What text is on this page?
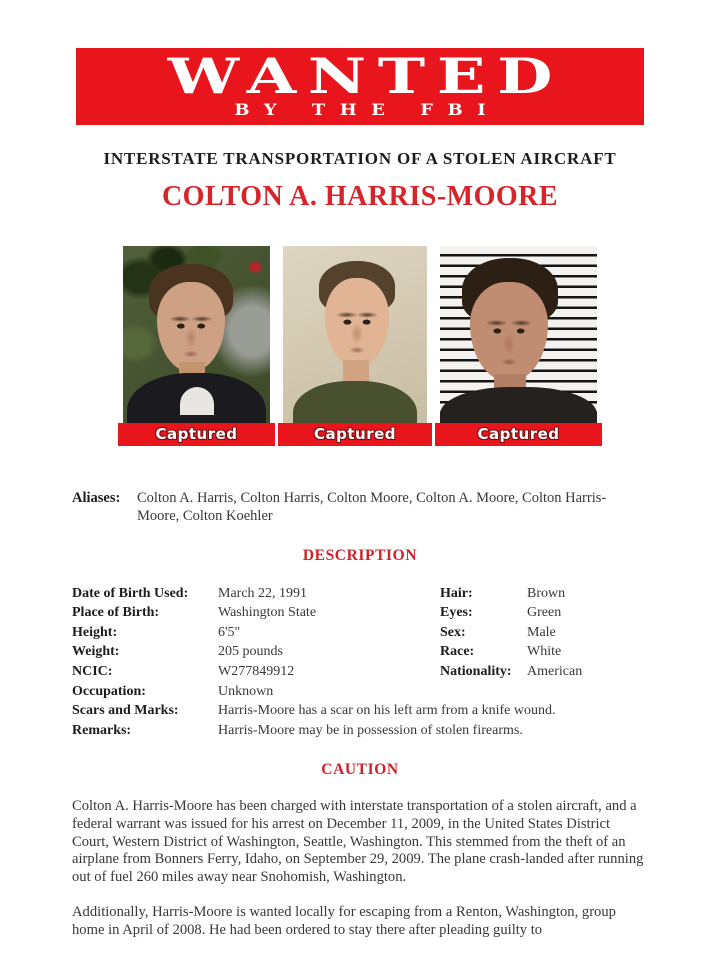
WANTED
BY THE FBI
INTERSTATE TRANSPORTATION OF A STOLEN AIRCRAFT
COLTON A. HARRIS-MOORE
Captured	Captured	Captured
Aliases:	Colton A. Harris, Colton Harris, Colton Moore, Colton A. Moore, Colton Harris-Moore, Colton Koehler
DESCRIPTION
Date of Birth Used:	March 22, 1991	Hair:	Brown
Place of Birth:	Washington State	Eyes:	Green
Height:	6'5"	Sex:	Male
Weight:	205 pounds	Race:	White
NCIC:	W277849912	Nationality:	American
Occupation:	Unknown
Scars and Marks:	Harris-Moore has a scar on his left arm from a knife wound.
Remarks:	Harris-Moore may be in possession of stolen firearms.
CAUTION
Colton A. Harris-Moore has been charged with interstate transportation of a stolen aircraft, and a federal warrant was issued for his arrest on December 11, 2009, in the United States District Court, Western District of Washington, Seattle, Washington. This stemmed from the theft of an airplane from Bonners Ferry, Idaho, on September 29, 2009. The plane crash-landed after running out of fuel 260 miles away near Snohomish, Washington.
Additionally, Harris-Moore is wanted locally for escaping from a Renton, Washington, group home in April of 2008. He had been ordered to stay there after pleading guilty to
